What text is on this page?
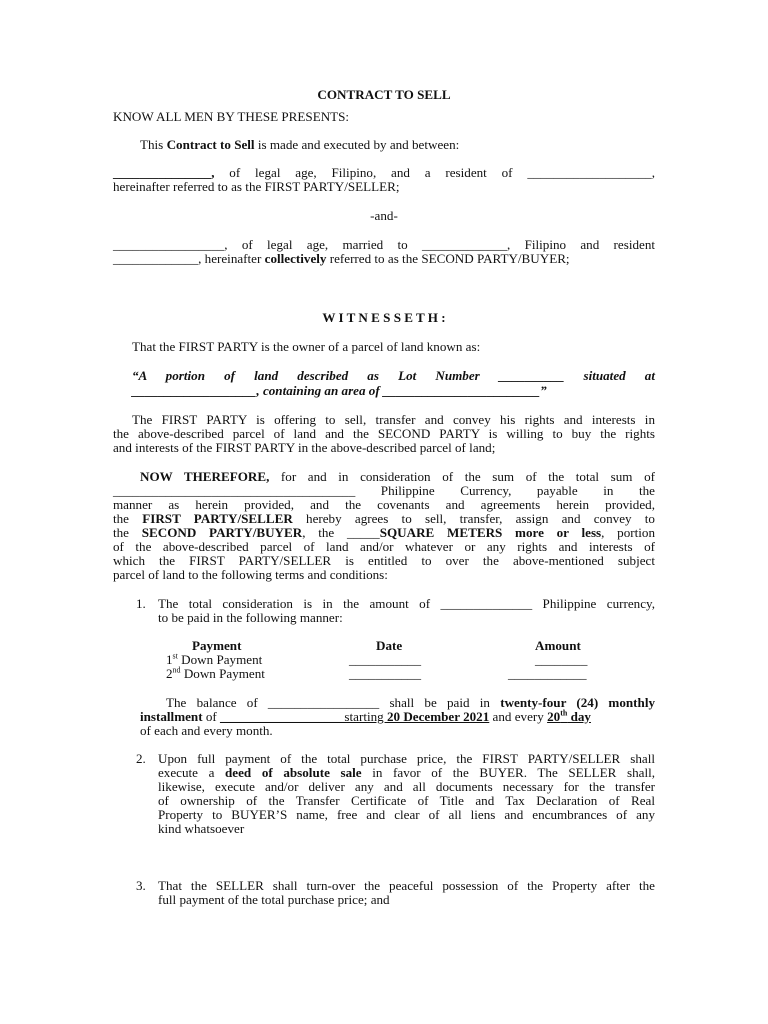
CONTRACT TO SELL
KNOW ALL MEN BY THESE PRESENTS:
This Contract to Sell is made and executed by and between:
_______________, of legal age, Filipino, and a resident of ___________________,
hereinafter referred to as the FIRST PARTY/SELLER;
-and-
_________________, of legal age, married to _____________, Filipino and resident
_____________, hereinafter collectively referred to as the SECOND PARTY/BUYER;
W I T N E S S E T H :
That the FIRST PARTY is the owner of a parcel of land known as:
“A portion of land described as Lot Number __________ situated at
___________________, containing an area of ________________________”
The FIRST PARTY is offering to sell, transfer and convey his rights and interests in
the above-described parcel of land and the SECOND PARTY is willing to buy the rights
and interests of the FIRST PARTY in the above-described parcel of land;
NOW THEREFORE, for and in consideration of the sum of the total sum of
_____________________________________ Philippine Currency, payable in the
manner as herein provided, and the covenants and agreements herein provided,
the FIRST PARTY/SELLER hereby agrees to sell, transfer, assign and convey to
the SECOND PARTY/BUYER, the _____SQUARE METERS more or less, portion
of the above-described parcel of land and/or whatever or any rights and interests of
which the FIRST PARTY/SELLER is entitled to over the above-mentioned subject
parcel of land to the following terms and conditions:
1. The total consideration is in the amount of ______________ Philippine currency,
to be paid in the following manner:
Payment	Date	Amount
1st Down Payment	___________	________
2nd Down Payment	___________	____________
The balance of _________________ shall be paid in twenty-four (24) monthly
installment of ___________________starting 20 December 2021 and every 20th day
of each and every month.
2. Upon full payment of the total purchase price, the FIRST PARTY/SELLER shall
execute a deed of absolute sale in favor of the BUYER. The SELLER shall,
likewise, execute and/or deliver any and all documents necessary for the transfer
of ownership of the Transfer Certificate of Title and Tax Declaration of Real
Property to BUYER’S name, free and clear of all liens and encumbrances of any
kind whatsoever
3. That the SELLER shall turn-over the peaceful possession of the Property after the
full payment of the total purchase price; and
